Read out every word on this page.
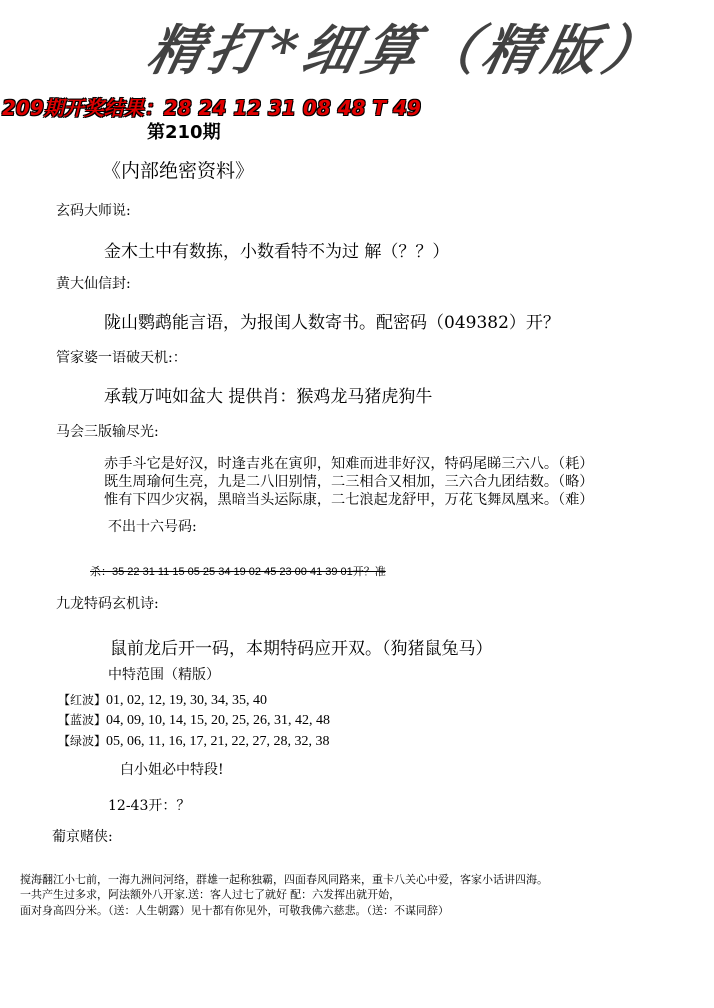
精打*细算（精版）
209期开奖结果：28 24 12 31 08 48 T 49
第210期
《内部绝密资料》
玄码大师说:
金木土中有数拣，小数看特不为过 解（？？）
黄大仙信封:
陇山鹦鹉能言语，为报闺人数寄书。配密码（049382）开？
管家婆一语破天机:：
承载万吨如盆大 提供肖：猴鸡龙马猪虎狗牛
马会三版输尽光:
赤手斗它是好汉，时逢吉兆在寅卯，知难而进非好汉，特码尾睇三六八。（耗）
既生周瑜何生亮，九是二八旧别情，二三相合又相加，三六合九团结数。（略）
惟有下四少灾祸，黑暗当头运际康，二七浪起龙舒甲，万花飞舞凤凰来。（难）
不出十六号码:
杀：35 22 31 11 15 05 25 34 19 02 45 23 00 41 39 01开？准
九龙特码玄机诗:
鼠前龙后开一码，本期特码应开双。（狗猪鼠兔马）
中特范围（精版）
【红波】01, 02, 12, 19, 30, 34, 35, 40
【蓝波】04, 09, 10, 14, 15, 20, 25, 26, 31, 42, 48
【绿波】05, 06, 11, 16, 17, 21, 22, 27, 28, 32, 38
白小姐必中特段!
12-43开：？
葡京赌侠:
搅海翻江小七前，一海九洲问河络，群雄一起称独霸，四面春风同路来，重卡八关心中爱，客家小话讲四海。
一共产生过多求，阿法额外八开家.送：客人过七了就好 配：六发挥出就开始，
面对身高四分米。（送：人生朝露）见十都有你见外，可敬我佛六慈悲。（送：不谋同辞）
